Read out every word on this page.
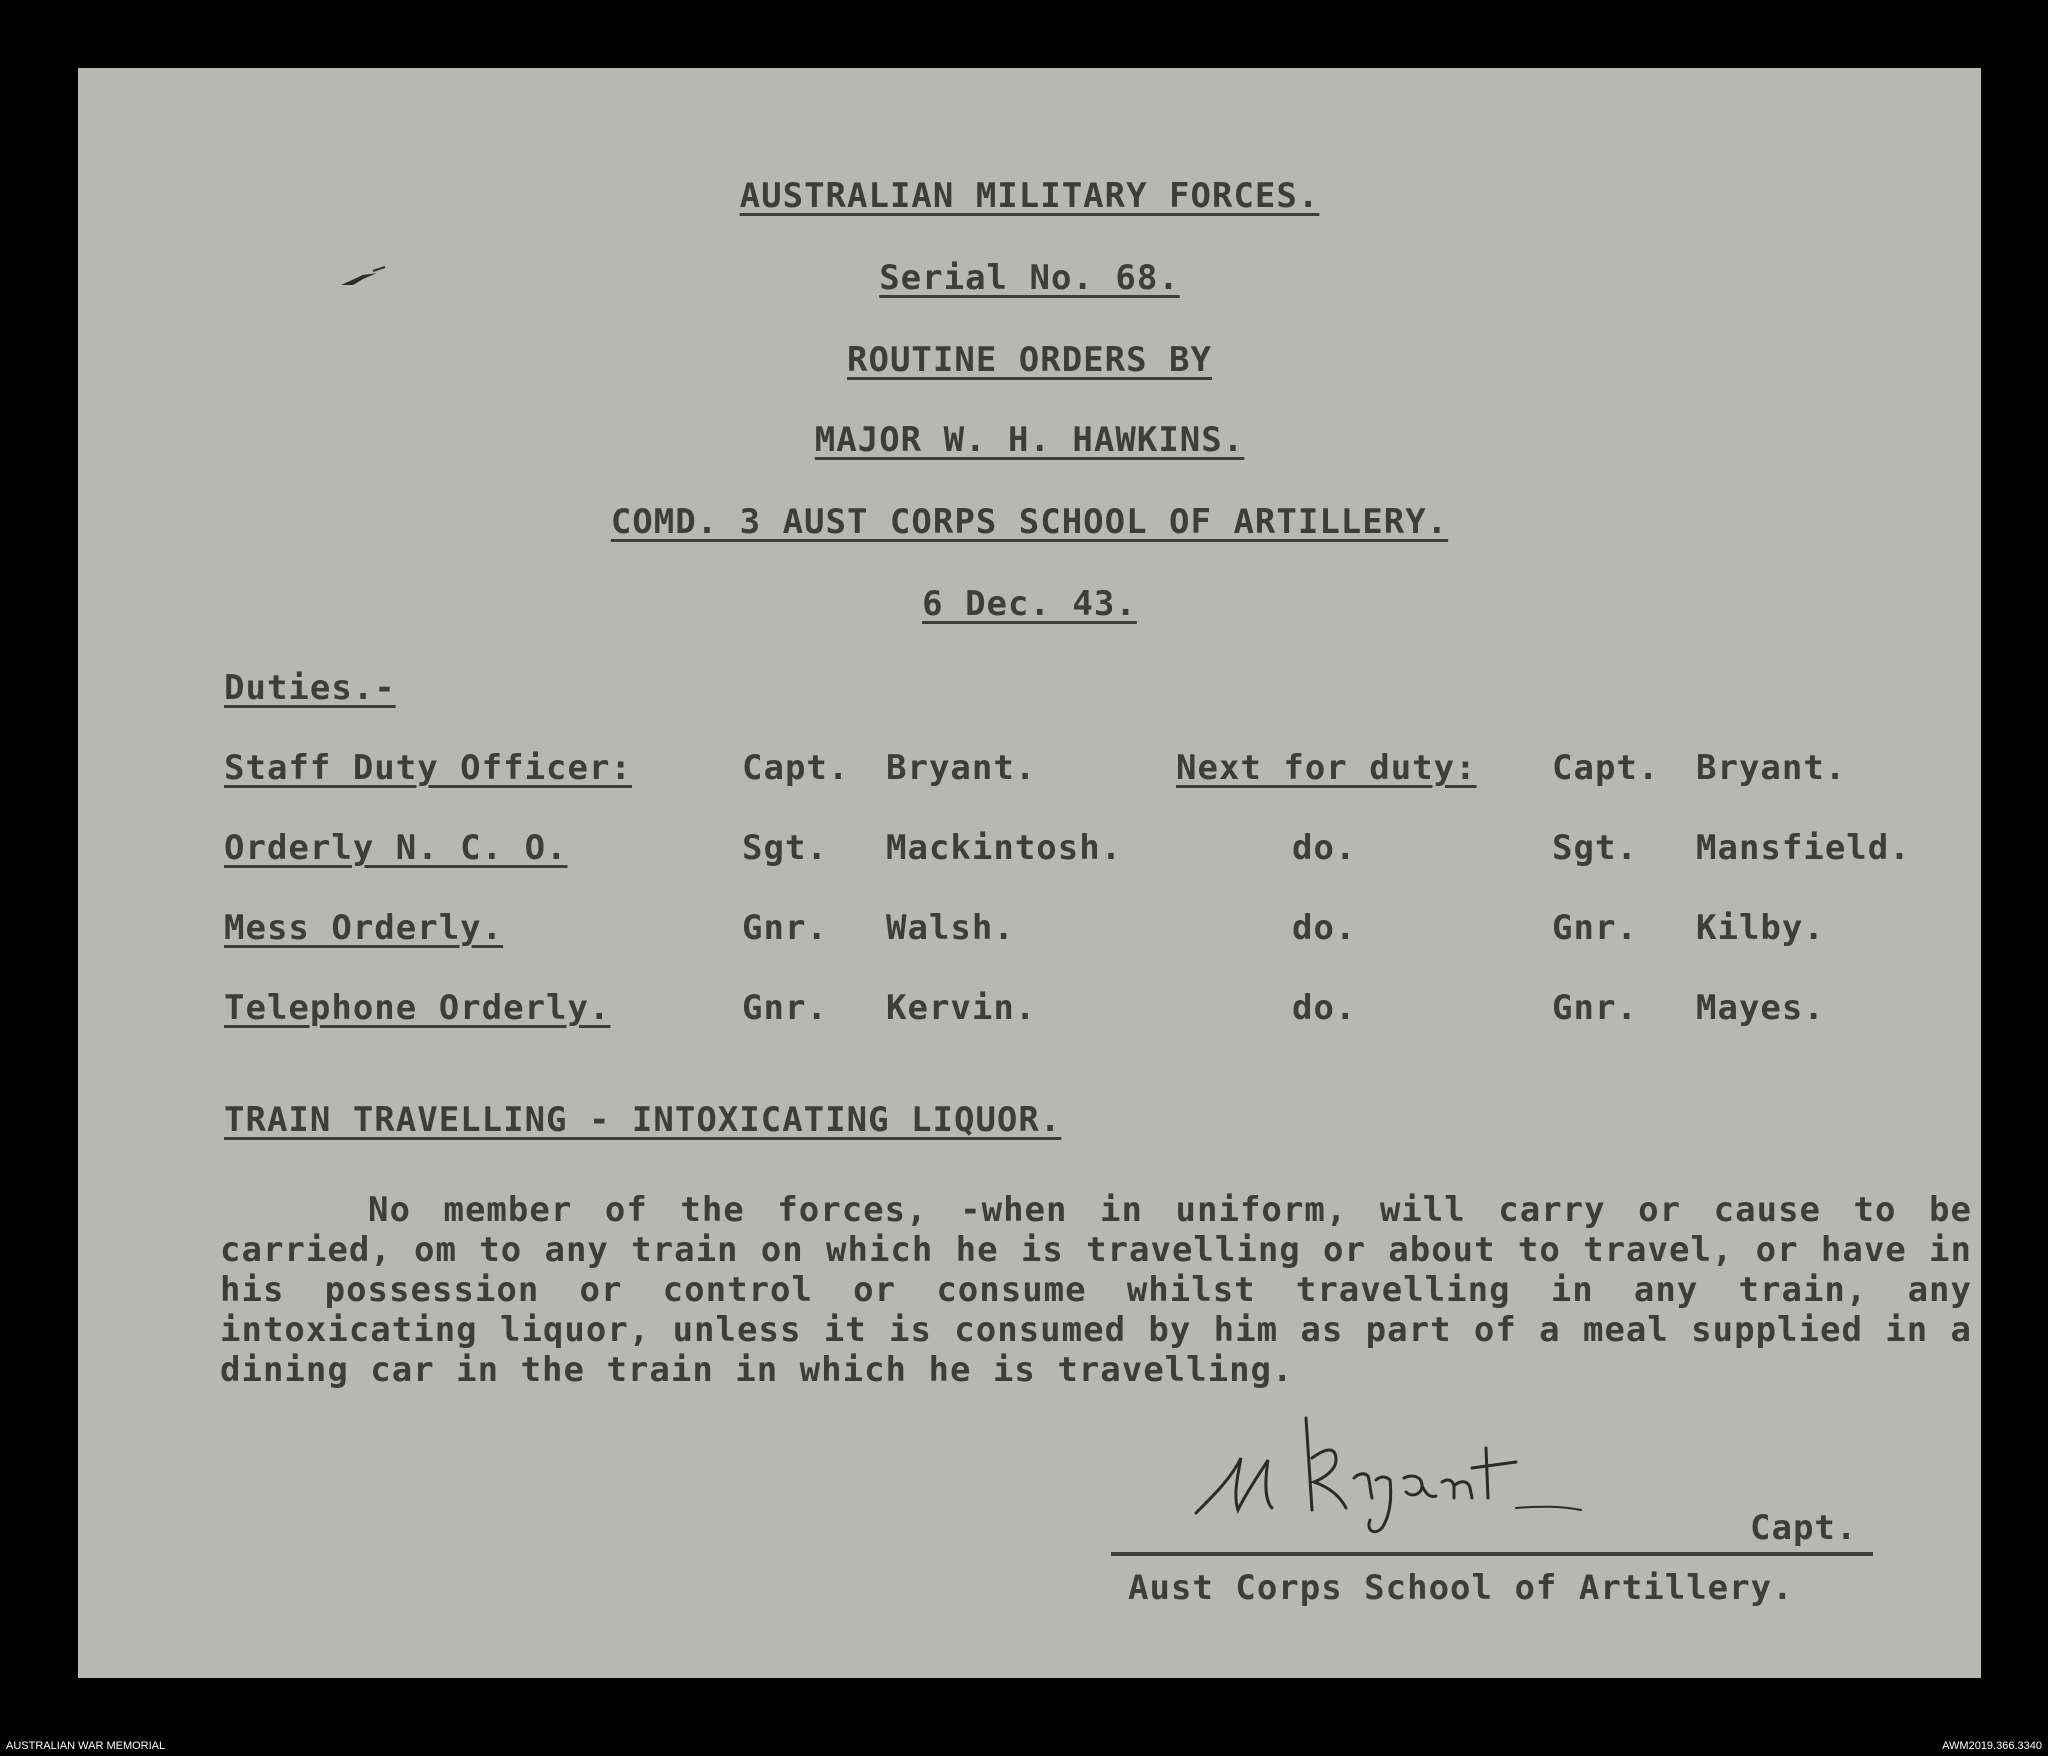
AUSTRALIAN MILITARY FORCES.
Serial No. 68.
ROUTINE ORDERS BY
MAJOR W. H. HAWKINS.
COMD. 3 AUST CORPS SCHOOL OF ARTILLERY.
6 Dec. 43.
Duties.-
Staff Duty Officer:	Capt. Bryant.	Next for duty: Capt. Bryant.
Orderly N. C. O.	Sgt. Mackintosh.	do.	Sgt. Mansfield.
Mess Orderly.	Gnr. Walsh.	do.	Gnr. Kilby.
Telephone Orderly.	Gnr. Kervin.	do.	Gnr. Mayes.
TRAIN TRAVELLING - INTOXICATING LIQUOR.
No member of the forces, -when in uniform, will carry or cause to be carried, om to any train on which he is travelling or about to travel, or have in his possession or control or consume whilst travelling in any train, any intoxicating liquor, unless it is consumed by him as part of a meal supplied in a dining car in the train in which he is travelling.
Capt.
Aust Corps School of Artillery.
AUSTRALIAN WAR MEMORIAL	AWM2019.366.3340
